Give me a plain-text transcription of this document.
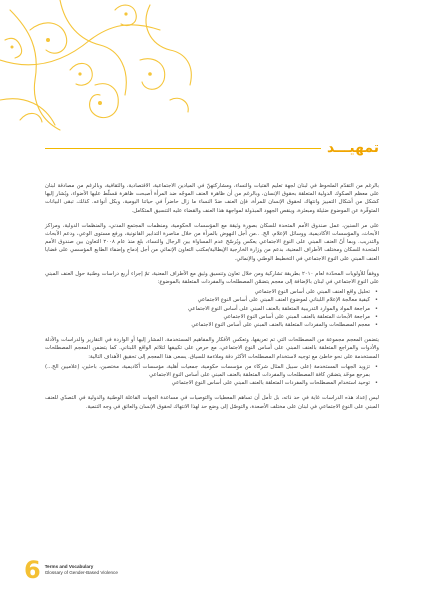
تمهيـــد

بالرغم من التقدّم الملحوظ في لبنان لجهة تعليم الفتيات والنساء، ومشاركتهنّ في الميادين الاجتماعية، الاقتصادية، والثقافية، وبالرغم من مصادقة لبنان على معظم الصكوك الدولية المتعلقة بحقوق الإنسان، وبالرغم من أن ظاهرة العنف الموجّه ضد المرأة أصبحت ظاهرة مُسلّط عليها الأضواء، ويُشار إليها كشكل من أشكال التمييز وانتهاك لحقوق الإنسان للمرأة، فإن العنف ضدّ النساء ما زال حاضراً في حياتنا اليومية، وبكل أنواعه. كذلك، تبقى البيانات المتوفّرة عن الموضوع ضئيلة ومبعثرة، وينقص الجهود المبذولة لمواجهة هذا العنف والقضاء عليه التنسيق المتكامل.

على مر السنين، عمل صندوق الأمم المتحدة للسكان بصورة وثيقة مع المؤسسات الحكومية، ومنظمات المجتمع المدني، والمنظمات الدولية، ومراكز الأبحاث، والمؤسسات الأكاديمية، ووسائل الإعلام، الخ. ..من أجل النهوض بالمرأة من خلال مناصرة التدابير القانونية، ورفع مستوى الوعي، ودعم الأبحاث والتدريب. وبما أنّ العنف المبني على النوع الاجتماعي يعكس ويُرسّخ عدم المساواة بين الرجال والنساء، بلغ منذ عام ٢٠٠٨ التعاون بين صندوق الأمم المتحدة للسكان ومختلف الأطراف المعنية، بدعم من وزارة الخارجية الإيطالية/مكتب التعاون الإنمائي من أجل إدماج وإضفاء الطابع المؤسسي على قضايا العنف المبني على النوع الاجتماعي في التخطيط الوطني والإنمائي.

ووفقاً للأولويات المحدّدة لعام ٢٠١٠ بطريقة تشاركية ومن خلال تعاون وتنسيق وثيق مع الأطراف المعنية، تمّ إجراء أربع دراسات وطنية حول العنف المبني على النوع الاجتماعي في لبنان بالإضافة إلى معجم يتضمّن المصطلحات والمفردات المتعلقة بالموضوع:

• تحليل واقع العنف المبني على أساس النوع الاجتماعي
• كيفية معالجة الإعلام اللبناني لموضوع العنف المبني على أساس النوع الاجتماعي
• مراجعة المواد والموارد التدريبية المتعلقة بالعنف المبني على أساس النوع الاجتماعي
• مراجعة الأبحاث المتعلقة بالعنف المبني على أساس النوع الاجتماعي
• معجم المصطلحات والمفردات المتعلقة بالعنف المبني على أساس النوع الاجتماعي

يتضمن المعجم مجموعة من المصطلحات التي تم تعريفها، وتعكس الأفكار والمفاهيم المستخدمة، المشار إليها أو الواردة في التقارير والدراسات والأدلة والأدوات والمراجع المتعلقة بالعنف المبني على أساس النوع الاجتماعي، مع حرص على تكييفها لتلائم الواقع اللبناني. كما يتضمن المعجم المصطلحات المستخدمة على نحو خاطئ مع توجيه لاستخدام المصطلحات الأكثر دقة وملاءمة للسياق. يسعى هذا المعجم إلى تحقيق الأهداف التالية:

• تزويد الجهات المستخدمة (على سبيل المثال شركاء من مؤسسات حكومية، جمعيات أهلية، مؤسسات أكاديمية، مختصين، باحثين، إعلاميين الخ...) بمرجع موحّد يتضمّن كافة المصطلحات والمفردات المتعلقة بالعنف المبني على أساس النوع الاجتماعي
• توحيد استخدام المصطلحات والمفردات المتعلقة بالعنف المبني على أساس النوع الاجتماعي

ليس إعداد هذه الدراسات غاية في حد ذاته، بل تأمل أن تساهم المعطيات والتوصيات في مساعدة الجهات الفاعلة الوطنية والدولية في التصدّي للعنف المبني على النوع الاجتماعي في لبنان على مختلف الأصعدة، والتوصّل إلى وضع حد لهذا الانتهاك لحقوق الإنسان والعائق في وجه التنمية.

6 Terms and Vocabulary
Glossary of Gender-Based Violence
